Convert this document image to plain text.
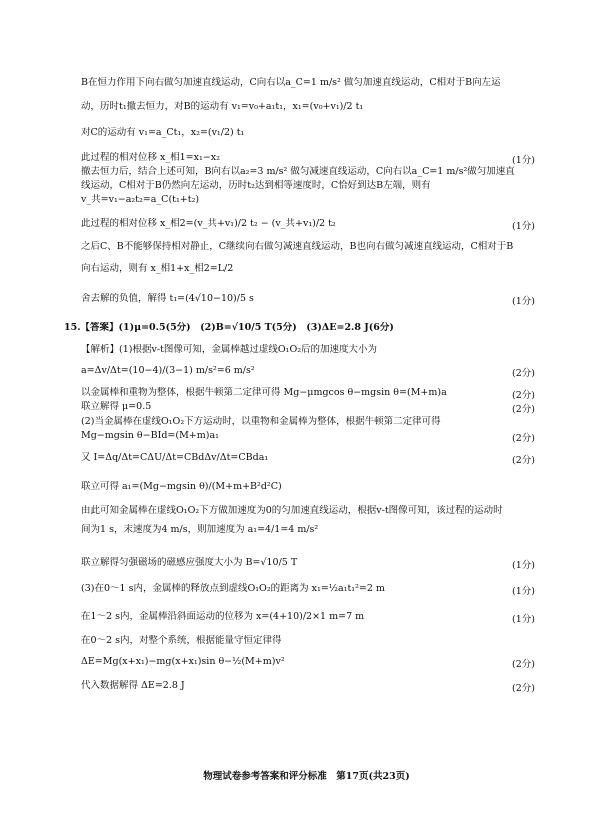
B在恒力作用下向右做匀加速直线运动，C向右以a_C=1 m/s² 做匀加速直线运动，C相对于B向左运
动，历时t₁撤去恒力，对B的运动有 v₁=v₀+a₁t₁，x₁=(v₀+v₁)/2 t₁
对C的运动有 v₁=a_Ct₁，x₂=(v₁/2) t₁
此过程的相对位移 x_相1=x₁−x₂	(1分)
撤去恒力后，结合上述可知，B向右以a₂=3 m/s² 做匀减速直线运动，C向右以a_C=1 m/s²做匀加速直
线运动，C相对于B仍然向左运动，历时t₂达到相等速度时，C恰好到达B左端，则有
v_共=v₁−a₂t₂=a_C(t₁+t₂)
此过程的相对位移 x_相2=(v_共+v₁)/2 t₂ − (v_共+v₁)/2 t₂	(1分)
之后C、B不能够保持相对静止，C继续向右做匀减速直线运动，B也向右做匀减速直线运动，C相对于B
向右运动，则有 x_相1+x_相2=L/2
舍去解的负值，解得 t₁=(4√10−10)/5 s	(1分)
15.【答案】(1)μ=0.5(5分)　(2)B=√10/5 T(5分)　(3)ΔE=2.8 J(6分)
【解析】(1)根据v-t图像可知，金属棒越过虚线O₁O₂后的加速度大小为
a=Δv/Δt=(10−4)/(3−1) m/s²=6 m/s²	(2分)
以金属棒和重物为整体，根据牛顿第二定律可得 Mg−μmgcos θ−mgsin θ=(M+m)a	(2分)
联立解得 μ=0.5	(2分)
(2)当金属棒在虚线O₁O₂下方运动时，以重物和金属棒为整体，根据牛顿第二定律可得
Mg−mgsin θ−BId=(M+m)a₁	(2分)
又 I=Δq/Δt=CΔU/Δt=CBdΔv/Δt=CBda₁	(2分)
联立可得 a₁=(Mg−mgsin θ)/(M+m+B²d²C)
由此可知金属棒在虚线O₁O₂下方做加速度为0的匀加速直线运动，根据v-t图像可知，该过程的运动时
间为1 s，末速度为4 m/s，则加速度为 a₁=4/1=4 m/s²
联立解得匀强磁场的磁感应强度大小为 B=√10/5 T	(1分)
(3)在0～1 s内，金属棒的释放点到虚线O₁O₂的距离为 x₁=½a₁t₁²=2 m	(1分)
在1～2 s内，金属棒沿斜面运动的位移为 x=(4+10)/2×1 m=7 m	(1分)
在0～2 s内，对整个系统，根据能量守恒定律得
ΔE=Mg(x+x₁)−mg(x+x₁)sin θ−½(M+m)v²	(2分)
代入数据解得 ΔE=2.8 J	(2分)
物理试卷参考答案和评分标准　第17页(共23页)
